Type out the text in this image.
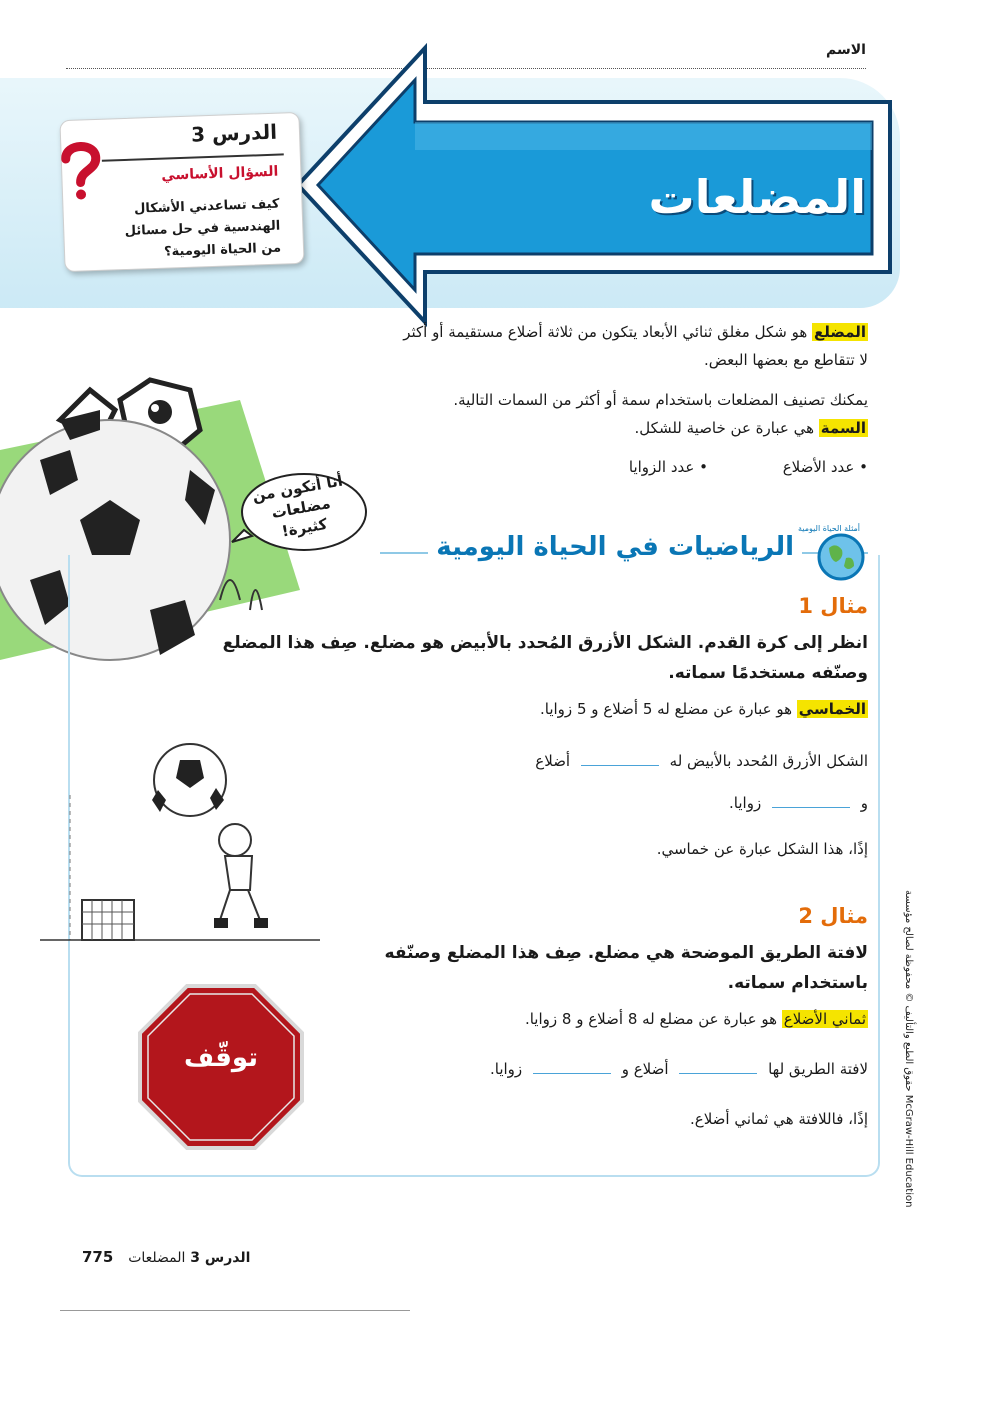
الاسم
المضلعات
الدرس 3
السؤال الأساسي
كيف تساعدني الأشكال الهندسية في حل مسائل من الحياة اليومية؟
أنا أتكون من مضلعات كثيرة!
المضلع هو شكل مغلق ثنائي الأبعاد يتكون من ثلاثة أضلاع مستقيمة أو أكثر لا تتقاطع مع بعضها البعض.
يمكنك تصنيف المضلعات باستخدام سمة أو أكثر من السمات التالية.
السمة هي عبارة عن خاصية للشكل.
• عدد الأضلاع • عدد الزوايا
الرياضيات في الحياة اليومية
أمثلة الحياة اليومية
مثال 1
انظر إلى كرة القدم. الشكل الأزرق المُحدد بالأبيض هو مضلع. صِف هذا المضلع وصنّفه مستخدمًا سماته.
الخماسي هو عبارة عن مضلع له 5 أضلاع و 5 زوايا.
الشكل الأزرق المُحدد بالأبيض له  أضلاع
و  زوايا.
إذًا، هذا الشكل عبارة عن خماسي.
مثال 2
لافتة الطريق الموضحة هي مضلع. صِف هذا المضلع وصنّفه باستخدام سماته.
ثماني الأضلاع هو عبارة عن مضلع له 8 أضلاع و 8 زوايا.
لافتة الطريق لها  أضلاع و  زوايا.
إذًا، فاللافتة هي ثماني أضلاع.
توقّف	حقوق الطبع والتأليف © محفوظة لصالح مؤسسة McGraw-Hill Education
الدرس 3 المضلعات 775
